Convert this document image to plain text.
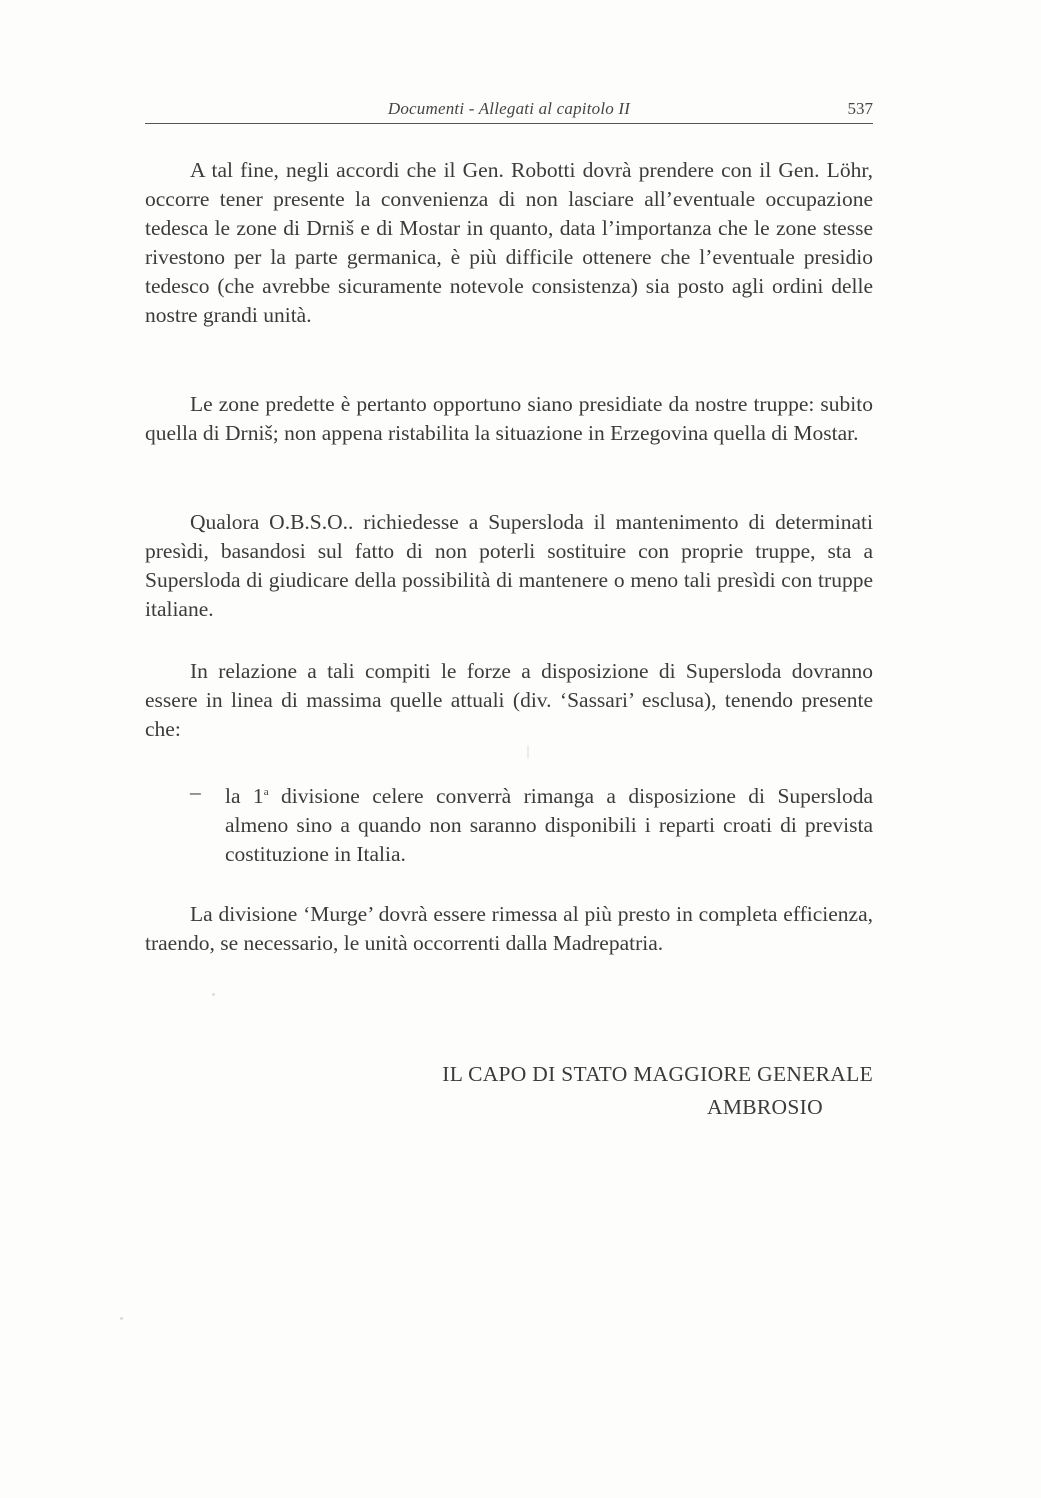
Documenti - Allegati al capitolo II	537

A tal fine, negli accordi che il Gen. Robotti dovrà prendere con il Gen. Löhr, occorre tener presente la convenienza di non lasciare all’eventuale occupazione tedesca le zone di Drniš e di Mostar in quanto, data l’importanza che le zone stesse rivestono per la parte germanica, è più difficile ottenere che l’eventuale presidio tedesco (che avrebbe sicuramente notevole consistenza) sia posto agli ordini delle nostre grandi unità.

Le zone predette è pertanto opportuno siano presidiate da nostre truppe: subito quella di Drniš; non appena ristabilita la situazione in Erzegovina quella di Mostar.

Qualora O.B.S.O.. richiedesse a Supersloda il mantenimento di determinati presìdi, basandosi sul fatto di non poterli sostituire con proprie truppe, sta a Supersloda di giudicare della possibilità di mantenere o meno tali presìdi con truppe italiane.

In relazione a tali compiti le forze a disposizione di Supersloda dovranno essere in linea di massima quelle attuali (div. ‘Sassari’ esclusa), tenendo presente che:

– la 1$^a$ divisione celere converrà rimanga a disposizione di Supersloda almeno sino a quando non saranno disponibili i reparti croati di prevista costituzione in Italia.

La divisione ‘Murge’ dovrà essere rimessa al più presto in completa efficienza, traendo, se necessario, le unità occorrenti dalla Madrepatria.

IL CAPO DI STATO MAGGIORE GENERALE
AMBROSIO
